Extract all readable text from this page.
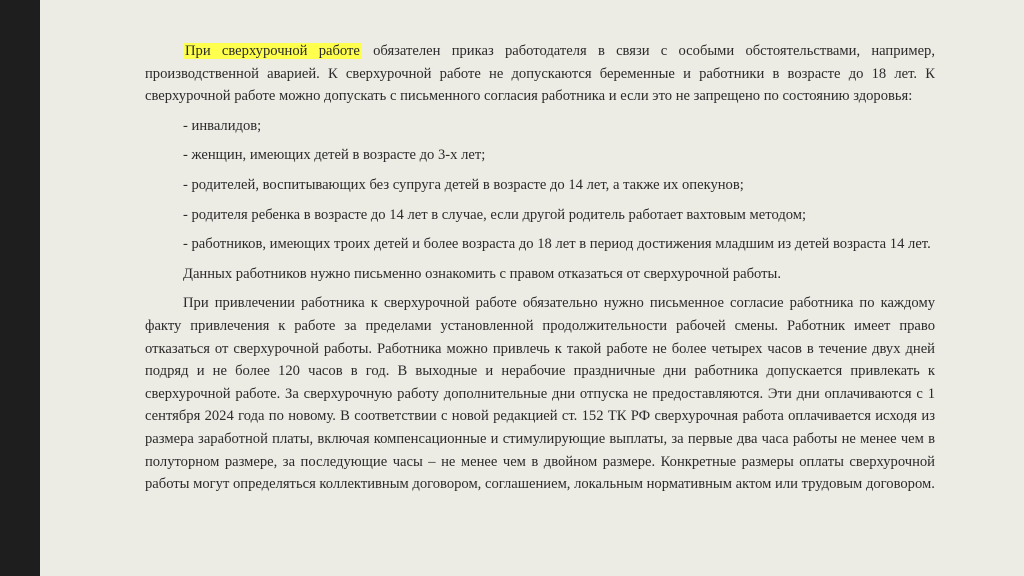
При сверхурочной работе обязателен приказ работодателя в связи с особыми обстоятельствами, например, производственной аварией. К сверхурочной работе не допускаются беременные и работники в возрасте до 18 лет. К сверхурочной работе можно допускать с письменного согласия работника и если это не запрещено по состоянию здоровья:

- инвалидов;

- женщин, имеющих детей в возрасте до 3-х лет;

- родителей, воспитывающих без супруга детей в возрасте до 14 лет, а также их опекунов;

- родителя ребенка в возрасте до 14 лет в случае, если другой родитель работает вахтовым методом;

- работников, имеющих троих детей и более возраста до 18 лет в период достижения младшим из детей возраста 14 лет.

Данных работников нужно письменно ознакомить с правом отказаться от сверхурочной работы.

При привлечении работника к сверхурочной работе обязательно нужно письменное согласие работника по каждому факту привлечения к работе за пределами установленной продолжительности рабочей смены. Работник имеет право отказаться от сверхурочной работы. Работника можно привлечь к такой работе не более четырех часов в течение двух дней подряд и не более 120 часов в год. В выходные и нерабочие праздничные дни работника допускается привлекать к сверхурочной работе. За сверхурочную работу дополнительные дни отпуска не предоставляются. Эти дни оплачиваются с 1 сентября 2024 года по новому. В соответствии с новой редакцией ст. 152 ТК РФ сверхурочная работа оплачивается исходя из размера заработной платы, включая компенсационные и стимулирующие выплаты, за первые два часа работы не менее чем в полуторном размере, за последующие часы – не менее чем в двойном размере. Конкретные размеры оплаты сверхурочной работы могут определяться коллективным договором, соглашением, локальным нормативным актом или трудовым договором.
